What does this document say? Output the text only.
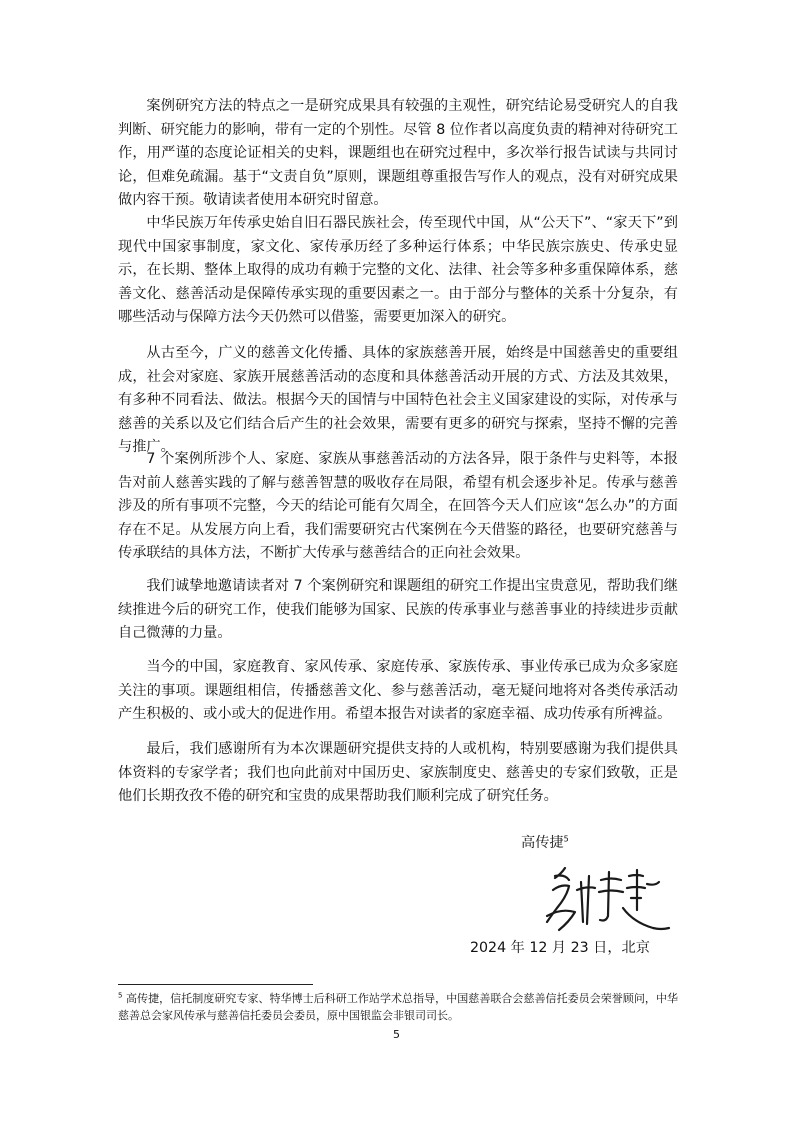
案例研究方法的特点之一是研究成果具有较强的主观性，研究结论易受研究人的自我判断、研究能力的影响，带有一定的个别性。尽管 8 位作者以高度负责的精神对待研究工作，用严谨的态度论证相关的史料，课题组也在研究过程中，多次举行报告试读与共同讨论，但难免疏漏。基于“文责自负”原则，课题组尊重报告写作人的观点，没有对研究成果做内容干预。敬请读者使用本研究时留意。

中华民族万年传承史始自旧石器民族社会，传至现代中国，从“公天下”、“家天下”到现代中国家事制度，家文化、家传承历经了多种运行体系；中华民族宗族史、传承史显示，在长期、整体上取得的成功有赖于完整的文化、法律、社会等多种多重保障体系，慈善文化、慈善活动是保障传承实现的重要因素之一。由于部分与整体的关系十分复杂，有哪些活动与保障方法今天仍然可以借鉴，需要更加深入的研究。

从古至今，广义的慈善文化传播、具体的家族慈善开展，始终是中国慈善史的重要组成，社会对家庭、家族开展慈善活动的态度和具体慈善活动开展的方式、方法及其效果，有多种不同看法、做法。根据今天的国情与中国特色社会主义国家建设的实际，对传承与慈善的关系以及它们结合后产生的社会效果，需要有更多的研究与探索，坚持不懈的完善与推广。

7 个案例所涉个人、家庭、家族从事慈善活动的方法各异，限于条件与史料等，本报告对前人慈善实践的了解与慈善智慧的吸收存在局限，希望有机会逐步补足。传承与慈善涉及的所有事项不完整，今天的结论可能有欠周全，在回答今天人们应该“怎么办”的方面存在不足。从发展方向上看，我们需要研究古代案例在今天借鉴的路径，也要研究慈善与传承联结的具体方法，不断扩大传承与慈善结合的正向社会效果。

我们诚挚地邀请读者对 7 个案例研究和课题组的研究工作提出宝贵意见，帮助我们继续推进今后的研究工作，使我们能够为国家、民族的传承事业与慈善事业的持续进步贡献自己微薄的力量。

当今的中国，家庭教育、家风传承、家庭传承、家族传承、事业传承已成为众多家庭关注的事项。课题组相信，传播慈善文化、参与慈善活动，毫无疑问地将对各类传承活动产生积极的、或小或大的促进作用。希望本报告对读者的家庭幸福、成功传承有所裨益。

最后，我们感谢所有为本次课题研究提供支持的人或机构，特别要感谢为我们提供具体资料的专家学者；我们也向此前对中国历史、家族制度史、慈善史的专家们致敬，正是他们长期孜孜不倦的研究和宝贵的成果帮助我们顺利完成了研究任务。

高传捷$^5$
2024 年 12 月 23 日，北京

$^5$ 高传捷，信托制度研究专家、特华博士后科研工作站学术总指导，中国慈善联合会慈善信托委员会荣誉顾问，中华慈善总会家风传承与慈善信托委员会委员，原中国银监会非银司司长。

5
